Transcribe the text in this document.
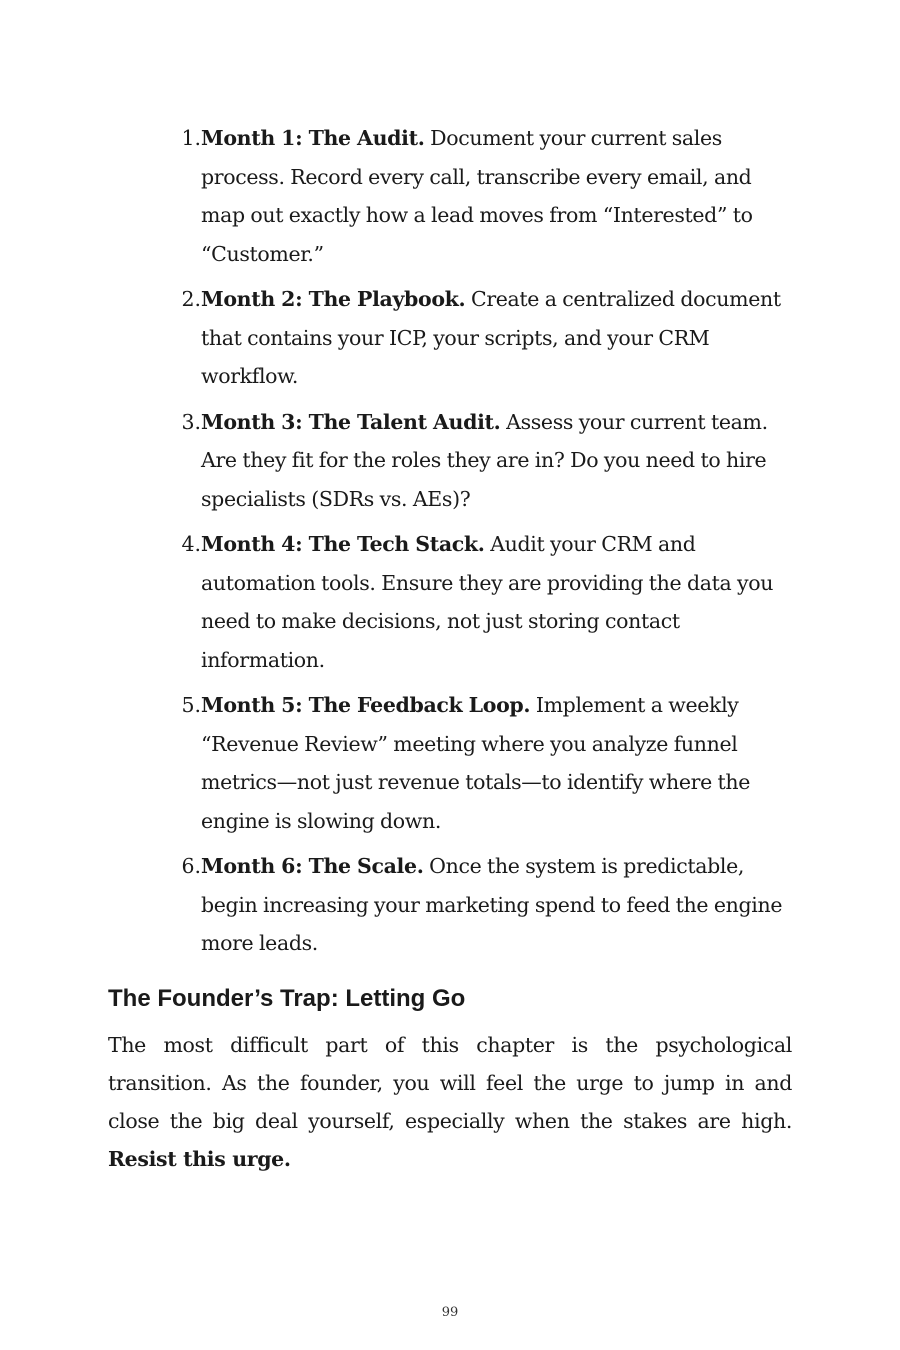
1. Month 1: The Audit. Document your current sales process. Record every call, transcribe every email, and map out exactly how a lead moves from “Interested” to “Customer.”
2. Month 2: The Playbook. Create a centralized document that contains your ICP, your scripts, and your CRM workflow.
3. Month 3: The Talent Audit. Assess your current team. Are they fit for the roles they are in? Do you need to hire specialists (SDRs vs. AEs)?
4. Month 4: The Tech Stack. Audit your CRM and automation tools. Ensure they are providing the data you need to make decisions, not just storing contact information.
5. Month 5: The Feedback Loop. Implement a weekly “Revenue Review” meeting where you analyze funnel metrics—not just revenue totals—to identify where the engine is slowing down.
6. Month 6: The Scale. Once the system is predictable, begin increasing your marketing spend to feed the engine more leads.
The Founder’s Trap: Letting Go

The most difficult part of this chapter is the psychological transition. As the founder, you will feel the urge to jump in and close the big deal yourself, especially when the stakes are high. Resist this urge.

99
